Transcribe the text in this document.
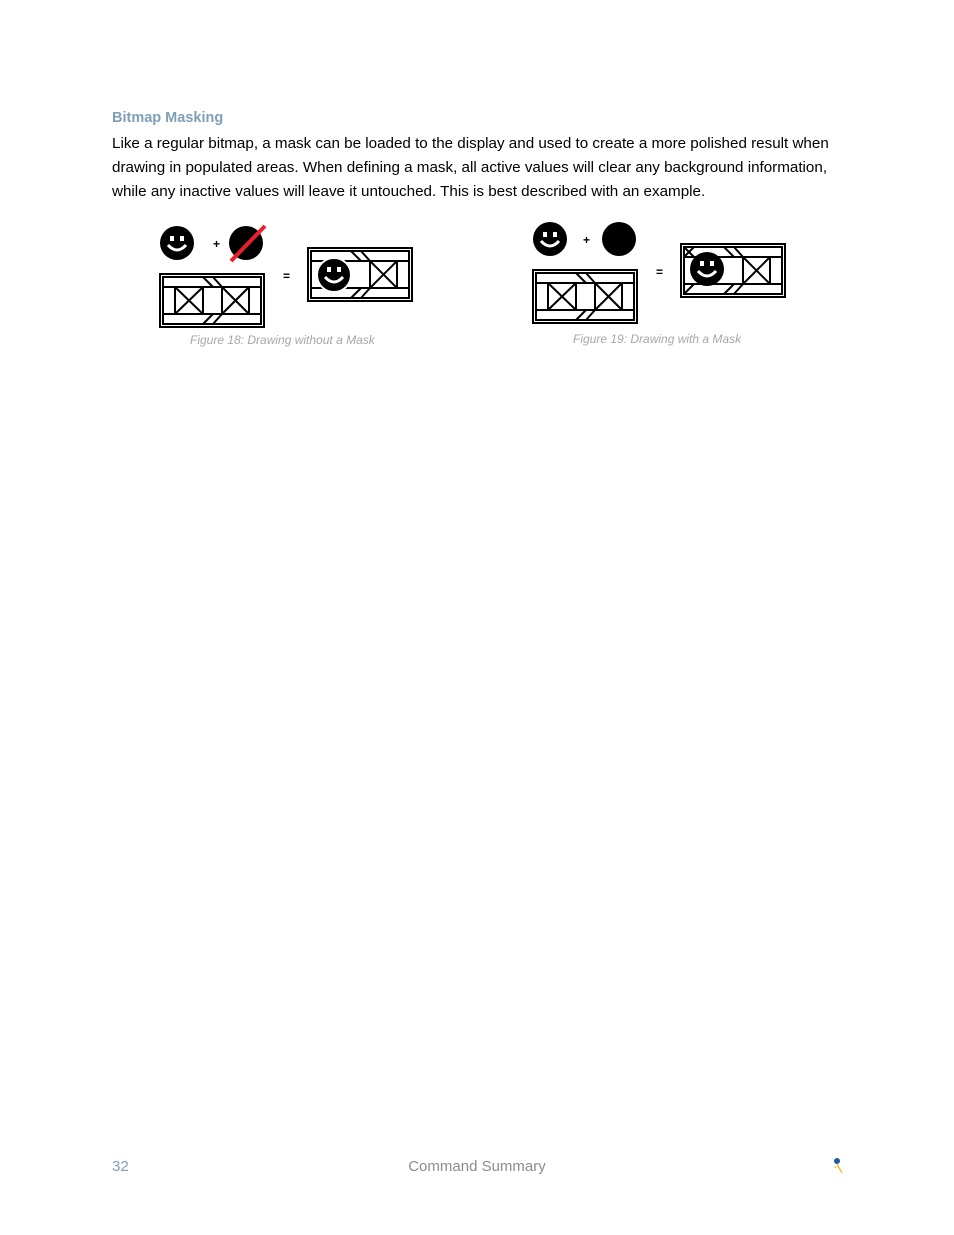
Bitmap Masking
Like a regular bitmap, a mask can be loaded to the display and used to create a more polished result when drawing in populated areas. When defining a mask, all active values will clear any background information, while any inactive values will leave it untouched. This is best described with an example.
+
=
Figure 18: Drawing without a Mask
+
=
Figure 19: Drawing with a Mask
32	Command Summary
